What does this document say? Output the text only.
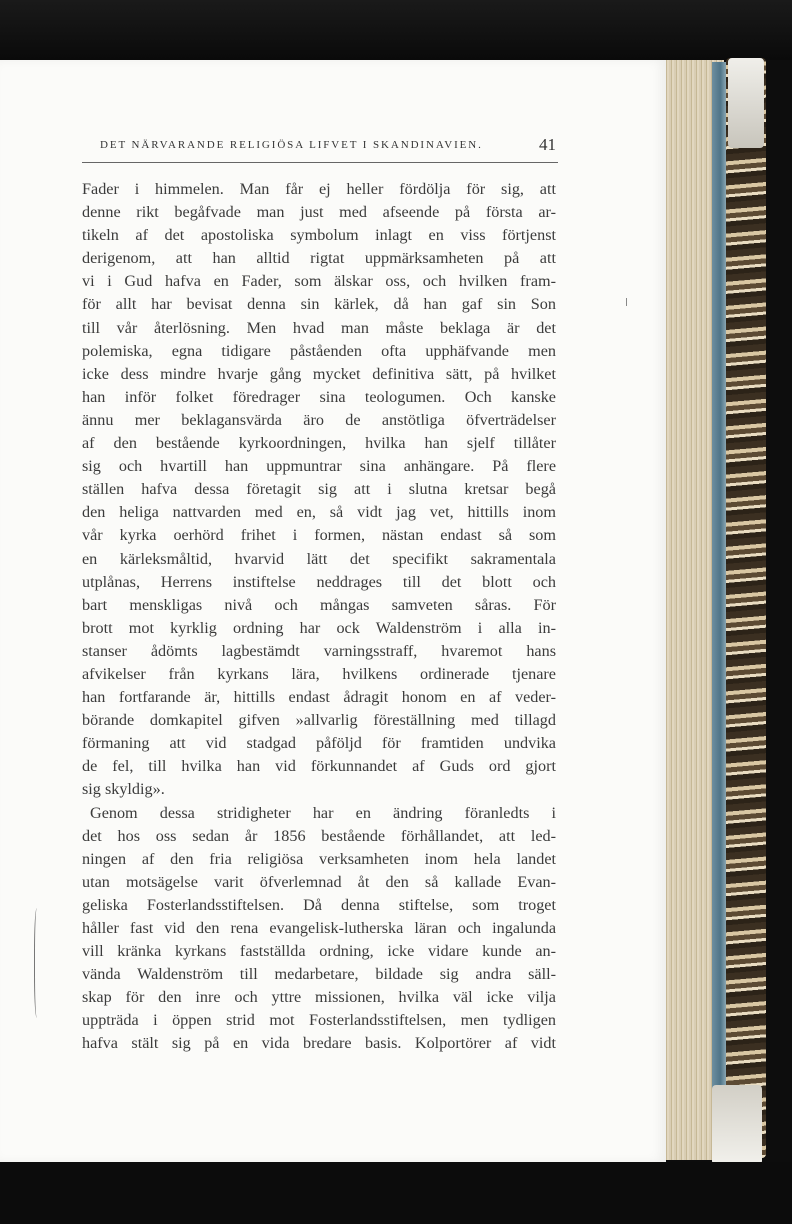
DET NÄRVARANDE RELIGIÖSA LIFVET I SKANDINAVIEN.	41
Fader i himmelen. Man får ej heller fördölja för sig, att
denne rikt begåfvade man just med afseende på första ar-
tikeln af det apostoliska symbolum inlagt en viss förtjenst
derigenom, att han alltid rigtat uppmärksamheten på att
vi i Gud hafva en Fader, som älskar oss, och hvilken fram-
för allt har bevisat denna sin kärlek, då han gaf sin Son
till vår återlösning. Men hvad man måste beklaga är det
polemiska, egna tidigare påståenden ofta upphäfvande men
icke dess mindre hvarje gång mycket definitiva sätt, på hvilket
han inför folket föredrager sina teologumen. Och kanske
ännu mer beklagansvärda äro de anstötliga öfverträdelser
af den bestående kyrkoordningen, hvilka han sjelf tillåter
sig och hvartill han uppmuntrar sina anhängare. På flere
ställen hafva dessa företagit sig att i slutna kretsar begå
den heliga nattvarden med en, så vidt jag vet, hittills inom
vår kyrka oerhörd frihet i formen, nästan endast så som
en kärleksmåltid, hvarvid lätt det specifikt sakramentala
utplånas, Herrens instiftelse neddrages till det blott och
bart menskligas nivå och mångas samveten såras. För
brott mot kyrklig ordning har ock Waldenström i alla in-
stanser ådömts lagbestämdt varningsstraff, hvaremot hans
afvikelser från kyrkans lära, hvilkens ordinerade tjenare
han fortfarande är, hittills endast ådragit honom en af veder-
börande domkapitel gifven »allvarlig föreställning med tillagd
förmaning att vid stadgad påföljd för framtiden undvika
de fel, till hvilka han vid förkunnandet af Guds ord gjort
sig skyldig».
Genom dessa stridigheter har en ändring föranledts i
det hos oss sedan år 1856 bestående förhållandet, att led-
ningen af den fria religiösa verksamheten inom hela landet
utan motsägelse varit öfverlemnad åt den så kallade Evan-
geliska Fosterlandsstiftelsen. Då denna stiftelse, som troget
håller fast vid den rena evangelisk-lutherska läran och ingalunda
vill kränka kyrkans fastställda ordning, icke vidare kunde an-
vända Waldenström till medarbetare, bildade sig andra säll-
skap för den inre och yttre missionen, hvilka väl icke vilja
uppträda i öppen strid mot Fosterlandsstiftelsen, men tydligen
hafva stält sig på en vida bredare basis. Kolportörer af vidt
